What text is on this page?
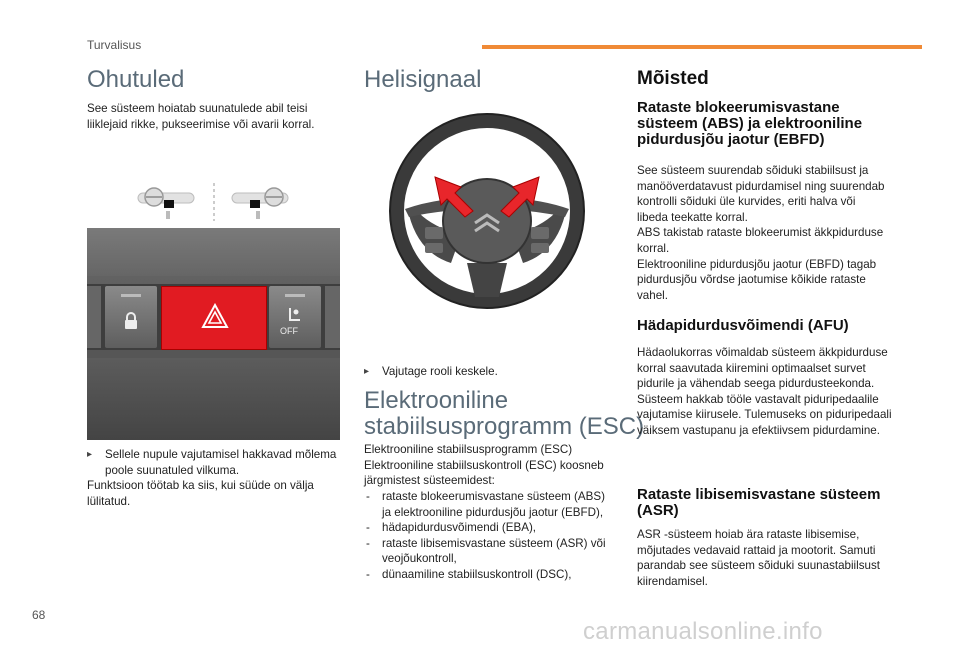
Turvalisus
Ohutuled

See süsteem hoiatab suunatulede abil teisi liiklejaid rikke, pukseerimise või avarii korral.

OFF

▸ Sellele nupule vajutamisel hakkavad mõlema poole suunatuled vilkuma.

Funktsioon töötab ka siis, kui süüde on välja lülitatud.

Helisignaal

▸ Vajutage rooli keskele.

Elektrooniline
stabiilsusprogramm (ESC)

Elektrooniline stabiilsusprogramm (ESC) Elektrooniline stabiilsuskontroll (ESC) koosneb järgmistest süsteemidest:

- rataste blokeerumisvastane süsteem (ABS) ja elektrooniline pidurdusjõu jaotur (EBFD),
- hädapidurdusvõimendi (EBA),
- rataste libisemisvastane süsteem (ASR) või veojõukontroll,
- dünaamiline stabiilsuskontroll (DSC),
Mõisted
Rataste blokeerumisvastane süsteem (ABS) ja elektrooniline pidurdusjõu jaotur (EBFD)

See süsteem suurendab sõiduki stabiilsust ja manööverdatavust pidurdamisel ning suurendab kontrolli sõiduki üle kurvides, eriti halva või libeda teekatte korral.
ABS takistab rataste blokeerumist äkkpidurduse korral.
Elektrooniline pidurdusjõu jaotur (EBFD) tagab pidurdusjõu võrdse jaotumise kõikide rataste vahel.

Hädapidurdusvõimendi (AFU)

Hädaolukorras võimaldab süsteem äkkpidurduse korral saavutada kiiremini optimaalset survet pidurile ja vähendab seega pidurdusteekonda.
Süsteem hakkab tööle vastavalt piduripedaalile vajutamise kiirusele. Tulemuseks on piduripedaali väiksem vastupanu ja efektiivsem pidurdamine.

Rataste libisemisvastane süsteem (ASR)

ASR -süsteem hoiab ära rataste libisemise, mõjutades vedavaid rattaid ja mootorit. Samuti parandab see süsteem sõiduki suunastabiilsust kiirendamisel.

68
carmanualsonline.info
